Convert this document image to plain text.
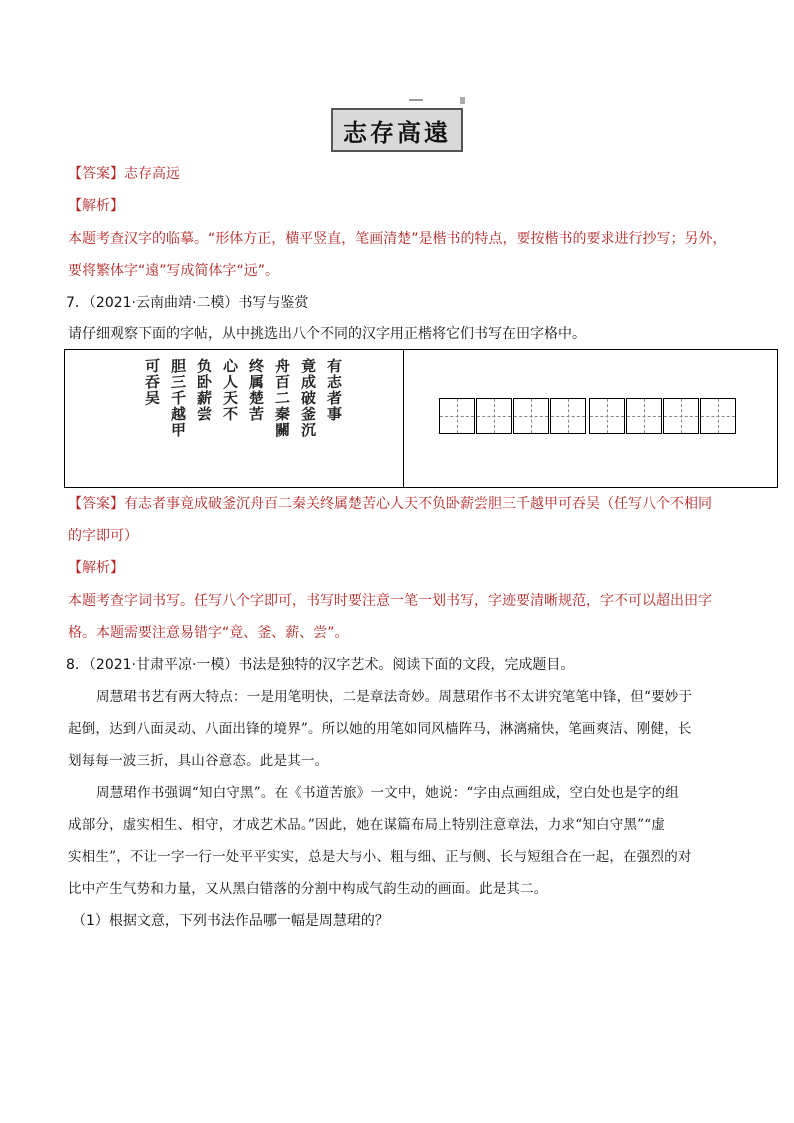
志存高遠
【答案】志存高远
【解析】
本题考查汉字的临摹。“形体方正，横平竖直，笔画清楚”是楷书的特点，要按楷书的要求进行抄写；另外，
要将繁体字“遠”写成简体字“远”。
7．（2021·云南曲靖·二模）书写与鉴赏
请仔细观察下面的字帖，从中挑选出八个不同的汉字用正楷将它们书写在田字格中。
有志者事
竟成破釜沉
舟百二秦關
终属楚苦
心人天不
负卧薪尝
胆三千越甲
可吞吴
【答案】有志者事竟成破釜沉舟百二秦关终属楚苦心人天不负卧薪尝胆三千越甲可吞吴（任写八个不相同
的字即可）
【解析】
本题考查字词书写。任写八个字即可，书写时要注意一笔一划书写，字迹要清晰规范，字不可以超出田字
格。本题需要注意易错字“竟、釜、薪、尝”。
8．（2021·甘肃平凉·一模）书法是独特的汉字艺术。阅读下面的文段，完成题目。
周慧珺书艺有两大特点：一是用笔明快，二是章法奇妙。周慧珺作书不太讲究笔笔中锋，但“要妙于
起倒，达到八面灵动、八面出锋的境界”。所以她的用笔如同风樯阵马，淋漓痛快，笔画爽洁、刚健，长
划每每一波三折，具山谷意态。此是其一。
周慧珺作书强调“知白守黑”。在《书道苦旅》一文中，她说：“字由点画组成，空白处也是字的组
成部分，虚实相生、相守，才成艺术品。”因此，她在谋篇布局上特别注意章法，力求“知白守黑”“虚
实相生”，不让一字一行一处平平实实，总是大与小、粗与细、正与侧、长与短组合在一起，在强烈的对
比中产生气势和力量，又从黑白错落的分割中构成气韵生动的画面。此是其二。
（1）根据文意，下列书法作品哪一幅是周慧珺的？
